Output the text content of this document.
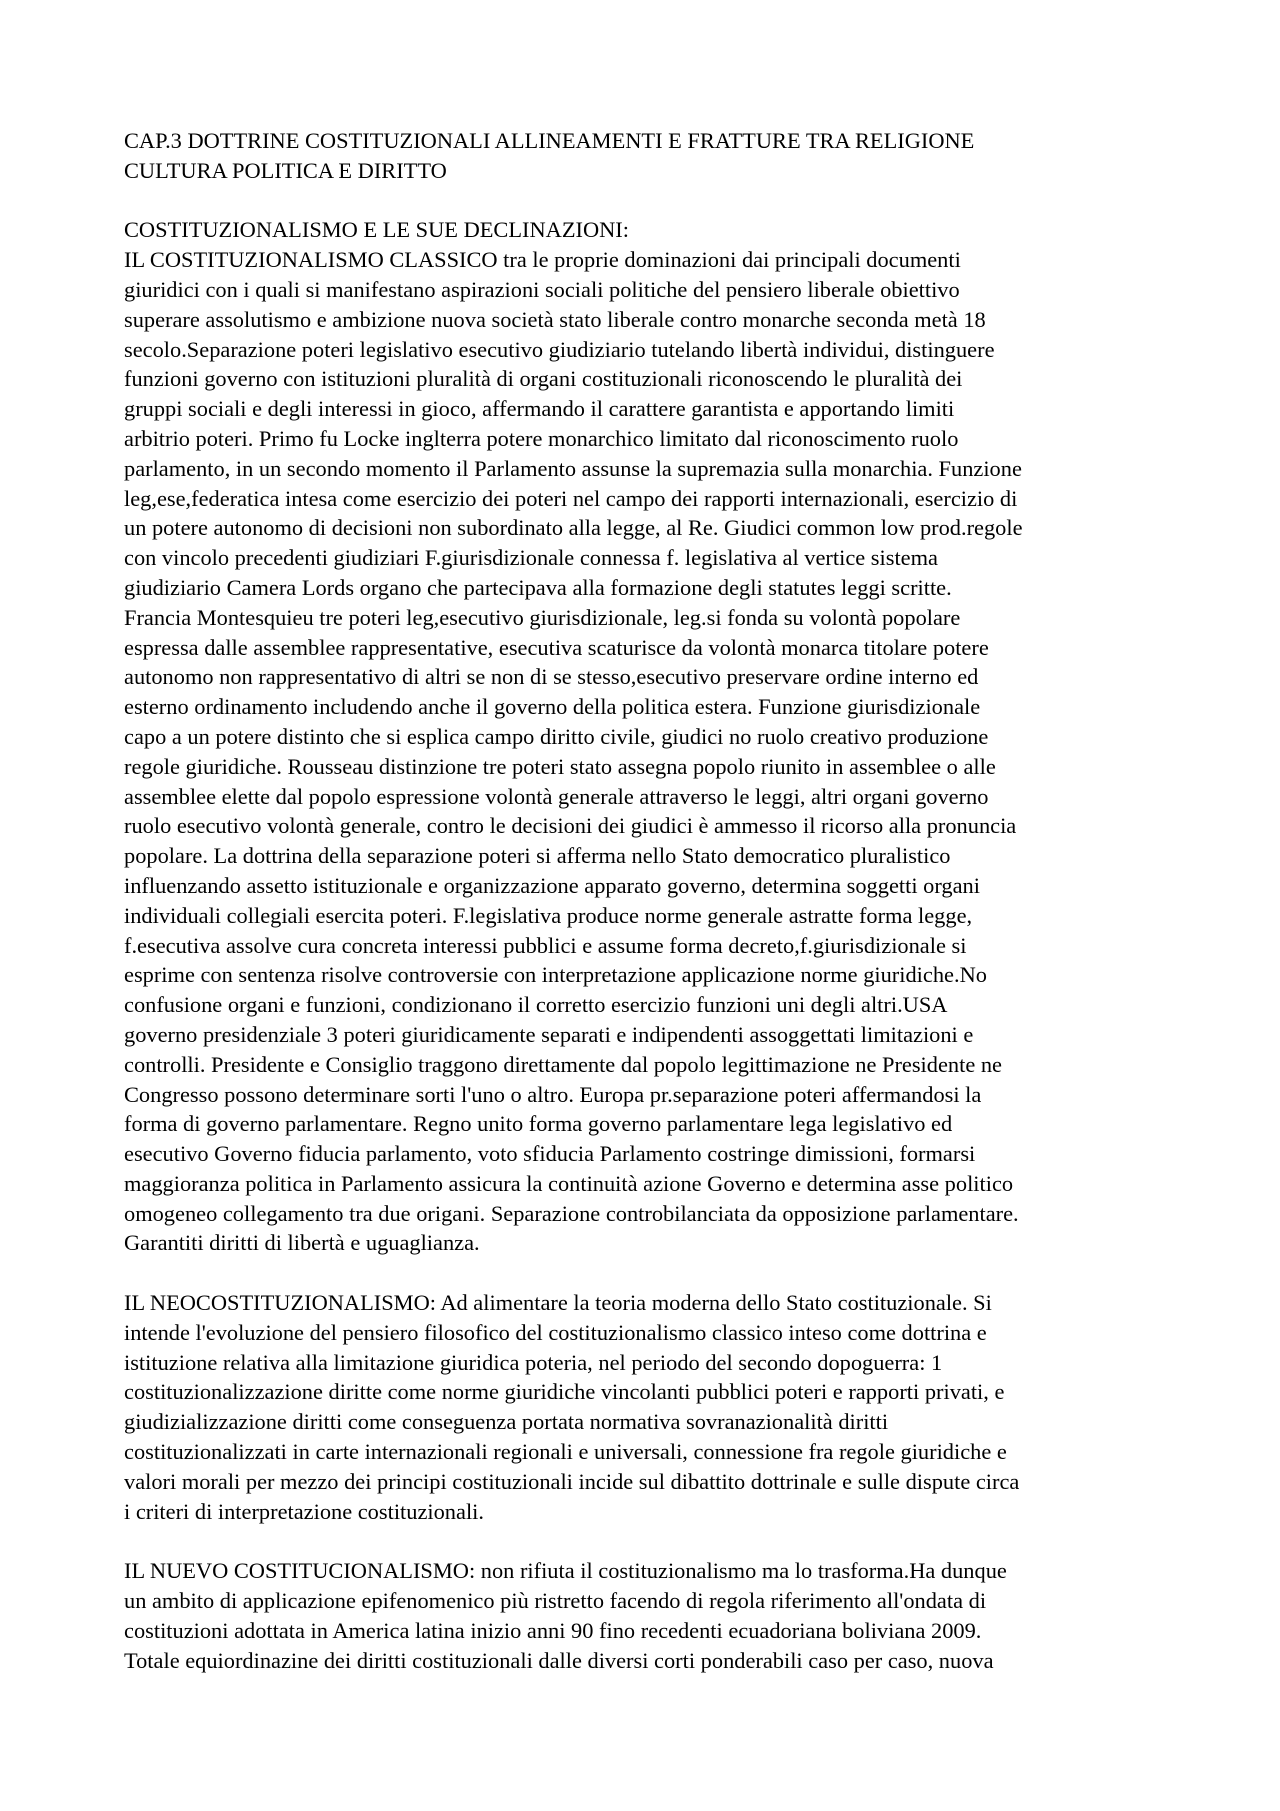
CAP.3 DOTTRINE COSTITUZIONALI ALLINEAMENTI E FRATTURE TRA RELIGIONE
CULTURA POLITICA E DIRITTO

COSTITUZIONALISMO E LE SUE DECLINAZIONI:

IL COSTITUZIONALISMO CLASSICO tra le proprie dominazioni dai principali documenti
giuridici con i quali si manifestano aspirazioni sociali politiche del pensiero liberale obiettivo
superare assolutismo e ambizione nuova società stato liberale contro monarche seconda metà 18
secolo.Separazione poteri legislativo esecutivo giudiziario tutelando libertà individui, distinguere
funzioni governo con istituzioni pluralità di organi costituzionali riconoscendo le pluralità dei
gruppi sociali e degli interessi in gioco, affermando il carattere garantista e apportando limiti
arbitrio poteri. Primo fu Locke inglterra potere monarchico limitato dal riconoscimento ruolo
parlamento, in un secondo momento il Parlamento assunse la supremazia sulla monarchia. Funzione
leg,ese,federatica intesa come esercizio dei poteri nel campo dei rapporti internazionali, esercizio di
un potere autonomo di decisioni non subordinato alla legge, al Re. Giudici common low prod.regole
con vincolo precedenti giudiziari F.giurisdizionale connessa f. legislativa al vertice sistema
giudiziario Camera Lords organo che partecipava alla formazione degli statutes leggi scritte.
Francia Montesquieu tre poteri leg,esecutivo giurisdizionale, leg.si fonda su volontà popolare
espressa dalle assemblee rappresentative, esecutiva scaturisce da volontà monarca titolare potere
autonomo non rappresentativo di altri se non di se stesso,esecutivo preservare ordine interno ed
esterno ordinamento includendo anche il governo della politica estera. Funzione giurisdizionale
capo a un potere distinto che si esplica campo diritto civile, giudici no ruolo creativo produzione
regole giuridiche. Rousseau distinzione tre poteri stato assegna popolo riunito in assemblee o alle
assemblee elette dal popolo espressione volontà generale attraverso le leggi, altri organi governo
ruolo esecutivo volontà generale, contro le decisioni dei giudici è ammesso il ricorso alla pronuncia
popolare. La dottrina della separazione poteri si afferma nello Stato democratico pluralistico
influenzando assetto istituzionale e organizzazione apparato governo, determina soggetti organi
individuali collegiali esercita poteri. F.legislativa produce norme generale astratte forma legge,
f.esecutiva assolve cura concreta interessi pubblici e assume forma decreto,f.giurisdizionale si
esprime con sentenza risolve controversie con interpretazione applicazione norme giuridiche.No
confusione organi e funzioni, condizionano il corretto esercizio funzioni uni degli altri.USA
governo presidenziale 3 poteri giuridicamente separati e indipendenti assoggettati limitazioni e
controlli. Presidente e Consiglio traggono direttamente dal popolo legittimazione ne Presidente ne
Congresso possono determinare sorti l'uno o altro. Europa pr.separazione poteri affermandosi la
forma di governo parlamentare. Regno unito forma governo parlamentare lega legislativo ed
esecutivo Governo fiducia parlamento, voto sfiducia Parlamento costringe dimissioni, formarsi
maggioranza politica in Parlamento assicura la continuità azione Governo e determina asse politico
omogeneo collegamento tra due origani. Separazione controbilanciata da opposizione parlamentare.
Garantiti diritti di libertà e uguaglianza.

IL NEOCOSTITUZIONALISMO: Ad alimentare la teoria moderna dello Stato costituzionale. Si
intende l'evoluzione del pensiero filosofico del costituzionalismo classico inteso come dottrina e
istituzione relativa alla limitazione giuridica poteria, nel periodo del secondo dopoguerra: 1
costituzionalizzazione diritte come norme giuridiche vincolanti pubblici poteri e rapporti privati, e
giudizializzazione diritti come conseguenza portata normativa sovranazionalità diritti
costituzionalizzati in carte internazionali regionali e universali, connessione fra regole giuridiche e
valori morali per mezzo dei principi costituzionali incide sul dibattito dottrinale e sulle dispute circa
i criteri di interpretazione costituzionali.

IL NUEVO COSTITUCIONALISMO: non rifiuta il costituzionalismo ma lo trasforma.Ha dunque
un ambito di applicazione epifenomenico più ristretto facendo di regola riferimento all'ondata di
costituzioni adottata in America latina inizio anni 90 fino recedenti ecuadoriana boliviana 2009.
Totale equiordinazine dei diritti costituzionali dalle diversi corti ponderabili caso per caso, nuova
